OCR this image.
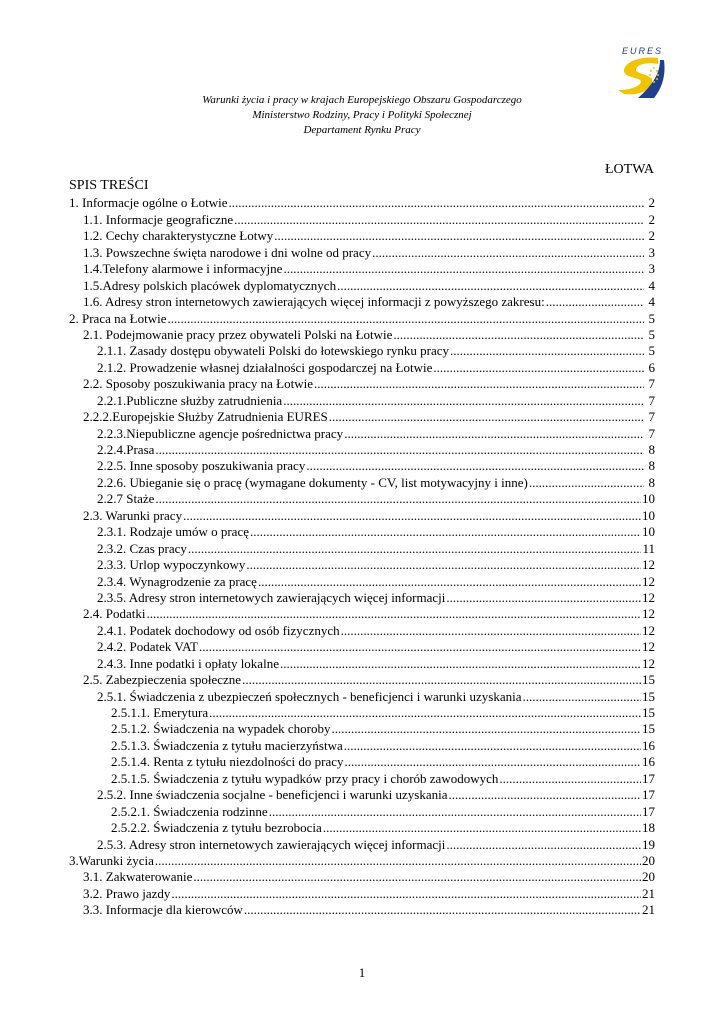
EURES
Warunki życia i pracy w krajach Europejskiego Obszaru Gospodarczego
Ministerstwo Rodziny, Pracy i Polityki Społecznej
Departament Rynku Pracy
ŁOTWA
SPIS TREŚCI
1. Informacje ogólne o Łotwie .....	2
1.1. Informacje geograficzne .....	2
1.2. Cechy charakterystyczne Łotwy .....	2
1.3. Powszechne święta narodowe i dni wolne od pracy .....	3
1.4.Telefony alarmowe i informacyjne .....	3
1.5.Adresy polskich placówek dyplomatycznych .....	4
1.6. Adresy stron internetowych zawierających więcej informacji z powyższego zakresu: .....	4
2. Praca na Łotwie .....	5
2.1. Podejmowanie pracy przez obywateli Polski na Łotwie .....	5
2.1.1. Zasady dostępu obywateli Polski do łotewskiego rynku pracy .....	5
2.1.2. Prowadzenie własnej działalności gospodarczej na Łotwie .....	6
2.2. Sposoby poszukiwania pracy na Łotwie .....	7
2.2.1.Publiczne służby zatrudnienia .....	7
2.2.2.Europejskie Służby Zatrudnienia EURES .....	7
2.2.3.Niepubliczne agencje pośrednictwa pracy .....	7
2.2.4.Prasa .....	8
2.2.5. Inne sposoby poszukiwania pracy .....	8
2.2.6. Ubieganie się o pracę (wymagane dokumenty - CV, list motywacyjny i inne) .....	8
2.2.7 Staże .....	10
2.3. Warunki pracy .....	10
2.3.1. Rodzaje umów o pracę .....	10
2.3.2. Czas pracy .....	11
2.3.3. Urlop wypoczynkowy .....	12
2.3.4. Wynagrodzenie za pracę .....	12
2.3.5. Adresy stron internetowych zawierających więcej informacji .....	12
2.4. Podatki .....	12
2.4.1. Podatek dochodowy od osób fizycznych .....	12
2.4.2. Podatek VAT .....	12
2.4.3. Inne podatki i opłaty lokalne .....	12
2.5. Zabezpieczenia społeczne .....	15
2.5.1. Świadczenia z ubezpieczeń społecznych - beneficjenci i warunki uzyskania .....	15
2.5.1.1. Emerytura .....	15
2.5.1.2. Świadczenia na wypadek choroby .....	15
2.5.1.3. Świadczenia z tytułu macierzyństwa .....	16
2.5.1.4. Renta z tytułu niezdolności do pracy .....	16
2.5.1.5. Świadczenia z tytułu wypadków przy pracy i chorób zawodowych .....	17
2.5.2. Inne świadczenia socjalne - beneficjenci i warunki uzyskania .....	17
2.5.2.1. Świadczenia rodzinne .....	17
2.5.2.2. Świadczenia z tytułu bezrobocia .....	18
2.5.3. Adresy stron internetowych zawierających więcej informacji .....	19
3.Warunki życia .....	20
3.1. Zakwaterowanie .....	20
3.2. Prawo jazdy .....	21
3.3. Informacje dla kierowców .....	21
1
